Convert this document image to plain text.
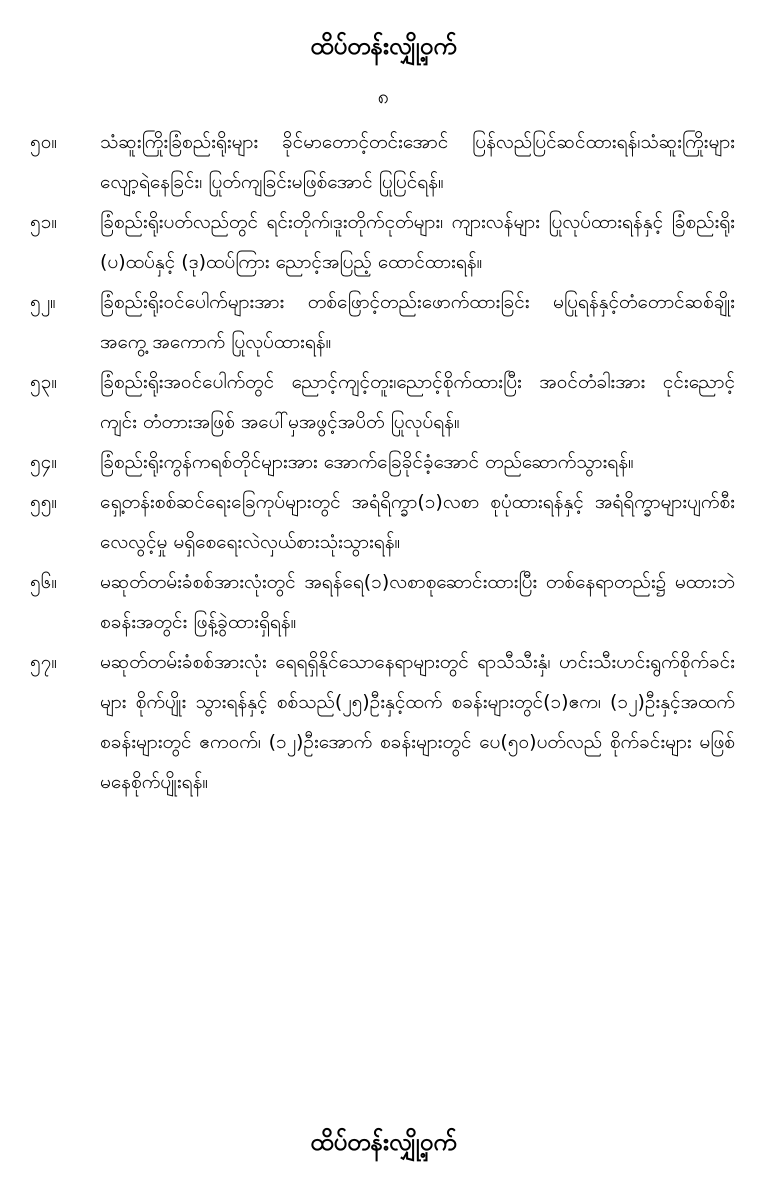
ထိပ်တန်းလျှို့ဝှက်
၈
၅၀။	သံဆူးကြိုးခြံစည်းရိုးများ ခိုင်မာတောင့်တင်းအောင် ပြန်လည်ပြင်ဆင်ထားရန်၊သံဆူးကြိုးများ လျော့ရဲနေခြင်း၊ ပြုတ်ကျခြင်းမဖြစ်အောင် ပြုပြင်ရန်။
၅၁။	ခြံစည်းရိုးပတ်လည်တွင် ရင်းတိုက်၊ဒူးတိုက်ငုတ်များ၊ ကျားလန်များ ပြုလုပ်ထားရန်နှင့် ခြံစည်းရိုး (ပ)ထပ်နှင့် (ဒု)ထပ်ကြား ညောင့်အပြည့် ထောင်ထားရန်။
၅၂။	ခြံစည်းရိုးဝင်ပေါက်များအား တစ်ဖြောင့်တည်းဖောက်ထားခြင်း မပြုရန်နှင့်တံတောင်ဆစ်ချိုး အကွေ့ အကောက် ပြုလုပ်ထားရန်။
၅၃။	ခြံစည်းရိုးအဝင်ပေါက်တွင် ညောင့်ကျင့်တူး၊ညောင့်စိုက်ထားပြီး အဝင်တံခါးအား ငုင်းညောင့်ကျင်း တံတားအဖြစ် အပေါ်မှအဖွင့်အပိတ် ပြုလုပ်ရန်။
၅၄။	ခြံစည်းရိုးကွန်ကရစ်တိုင်များအား အောက်ခြေခိုင်ခံ့အောင် တည်ဆောက်သွားရန်။
၅၅။	ရှေ့တန်းစစ်ဆင်ရေးခြေကုပ်များတွင် အရံရိက္ခာ(၁)လစာ စုပုံထားရန်နှင့် အရံရိက္ခာများပျက်စီးလေလွင့်မှု မရှိစေရေးလဲလှယ်စားသုံးသွားရန်။
၅၆။	မဆုတ်တမ်းခံစစ်အားလုံးတွင် အရန်ရေ(၁)လစာစုဆောင်းထားပြီး တစ်နေရာတည်း၌ မထားဘဲ စခန်းအတွင်း ဖြန့်ခွဲထားရှိရန်။
၅၇။	မဆုတ်တမ်းခံစစ်အားလုံး ရေရရှိနိုင်သောနေရာများတွင် ရာသီသီးနှံ၊ ဟင်းသီးဟင်းရွက်စိုက်ခင်းများ စိုက်ပျိုး သွားရန်နှင့် စစ်သည်(၂၅)ဦးနှင့်ထက် စခန်းများတွင်(၁)ဧက၊ (၁၂)ဦးနှင့်အထက် စခန်းများတွင် ဧက၀က်၊ (၁၂)ဦးအောက် စခန်းများတွင် ပေ(၅၀)ပတ်လည် စိုက်ခင်းများ မဖြစ်မနေစိုက်ပျိုးရန်။
ထိပ်တန်းလျှို့ဝှက်
